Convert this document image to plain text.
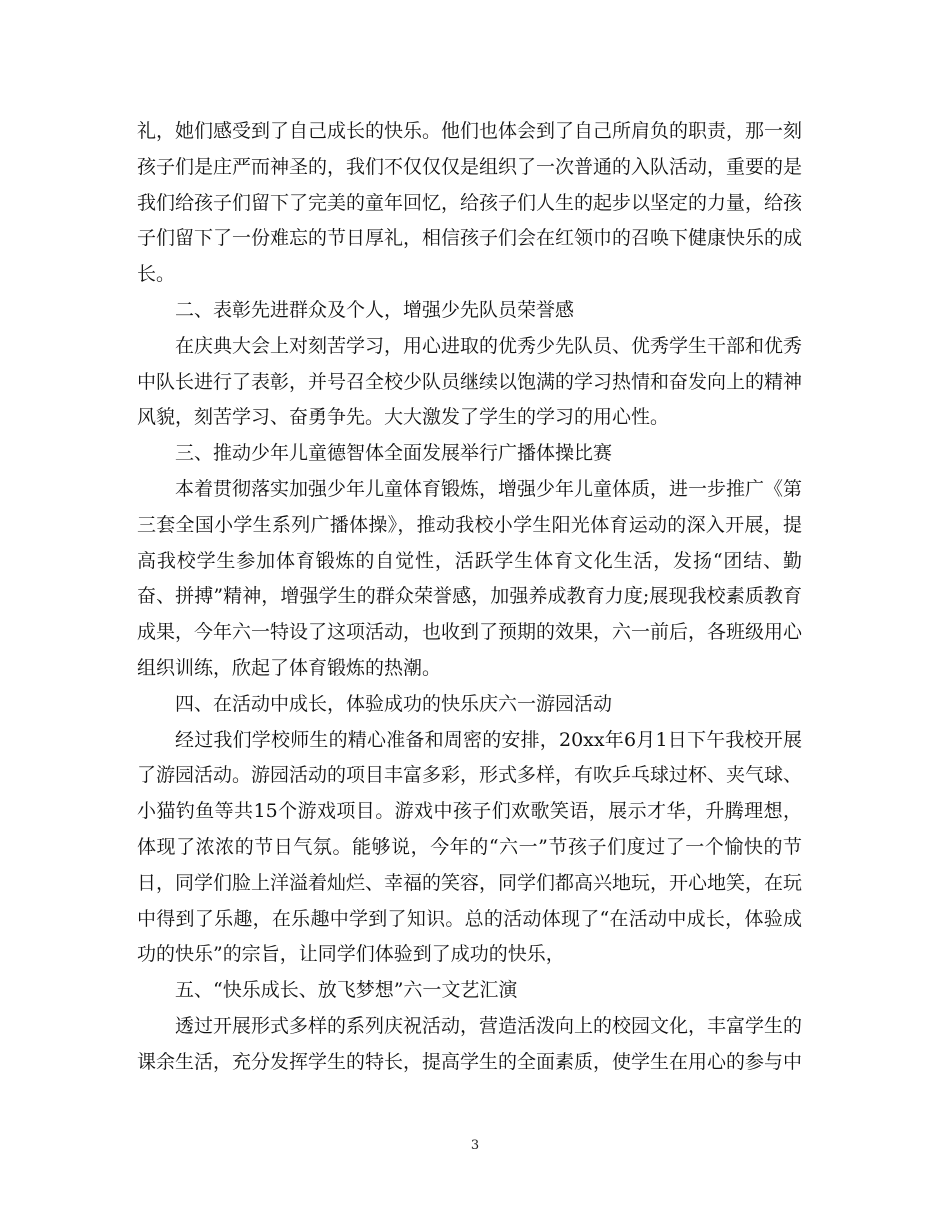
礼，她们感受到了自己成长的快乐。他们也体会到了自己所肩负的职责，那一刻孩子们是庄严而神圣的，我们不仅仅仅是组织了一次普通的入队活动，重要的是我们给孩子们留下了完美的童年回忆，给孩子们人生的起步以坚定的力量，给孩子们留下了一份难忘的节日厚礼，相信孩子们会在红领巾的召唤下健康快乐的成长。

二、表彰先进群众及个人，增强少先队员荣誉感

在庆典大会上对刻苦学习，用心进取的优秀少先队员、优秀学生干部和优秀中队长进行了表彰，并号召全校少队员继续以饱满的学习热情和奋发向上的精神风貌，刻苦学习、奋勇争先。大大激发了学生的学习的用心性。

三、推动少年儿童德智体全面发展举行广播体操比赛

本着贯彻落实加强少年儿童体育锻炼，增强少年儿童体质，进一步推广《第三套全国小学生系列广播体操》，推动我校小学生阳光体育运动的深入开展，提高我校学生参加体育锻炼的自觉性，活跃学生体育文化生活，发扬“团结、勤奋、拼搏”精神，增强学生的群众荣誉感，加强养成教育力度;展现我校素质教育成果，今年六一特设了这项活动，也收到了预期的效果，六一前后，各班级用心组织训练，欣起了体育锻炼的热潮。

四、在活动中成长，体验成功的快乐庆六一游园活动

经过我们学校师生的精心准备和周密的安排，20xx年6月1日下午我校开展了游园活动。游园活动的项目丰富多彩，形式多样，有吹乒乓球过杯、夹气球、小猫钓鱼等共15个游戏项目。游戏中孩子们欢歌笑语，展示才华，升腾理想，体现了浓浓的节日气氛。能够说，今年的“六一”节孩子们度过了一个愉快的节日，同学们脸上洋溢着灿烂、幸福的笑容，同学们都高兴地玩，开心地笑，在玩中得到了乐趣，在乐趣中学到了知识。总的活动体现了“在活动中成长，体验成功的快乐”的宗旨，让同学们体验到了成功的快乐，

五、“快乐成长、放飞梦想”六一文艺汇演

透过开展形式多样的系列庆祝活动，营造活泼向上的校园文化，丰富学生的课余生活，充分发挥学生的特长，提高学生的全面素质，使学生在用心的参与中

3
